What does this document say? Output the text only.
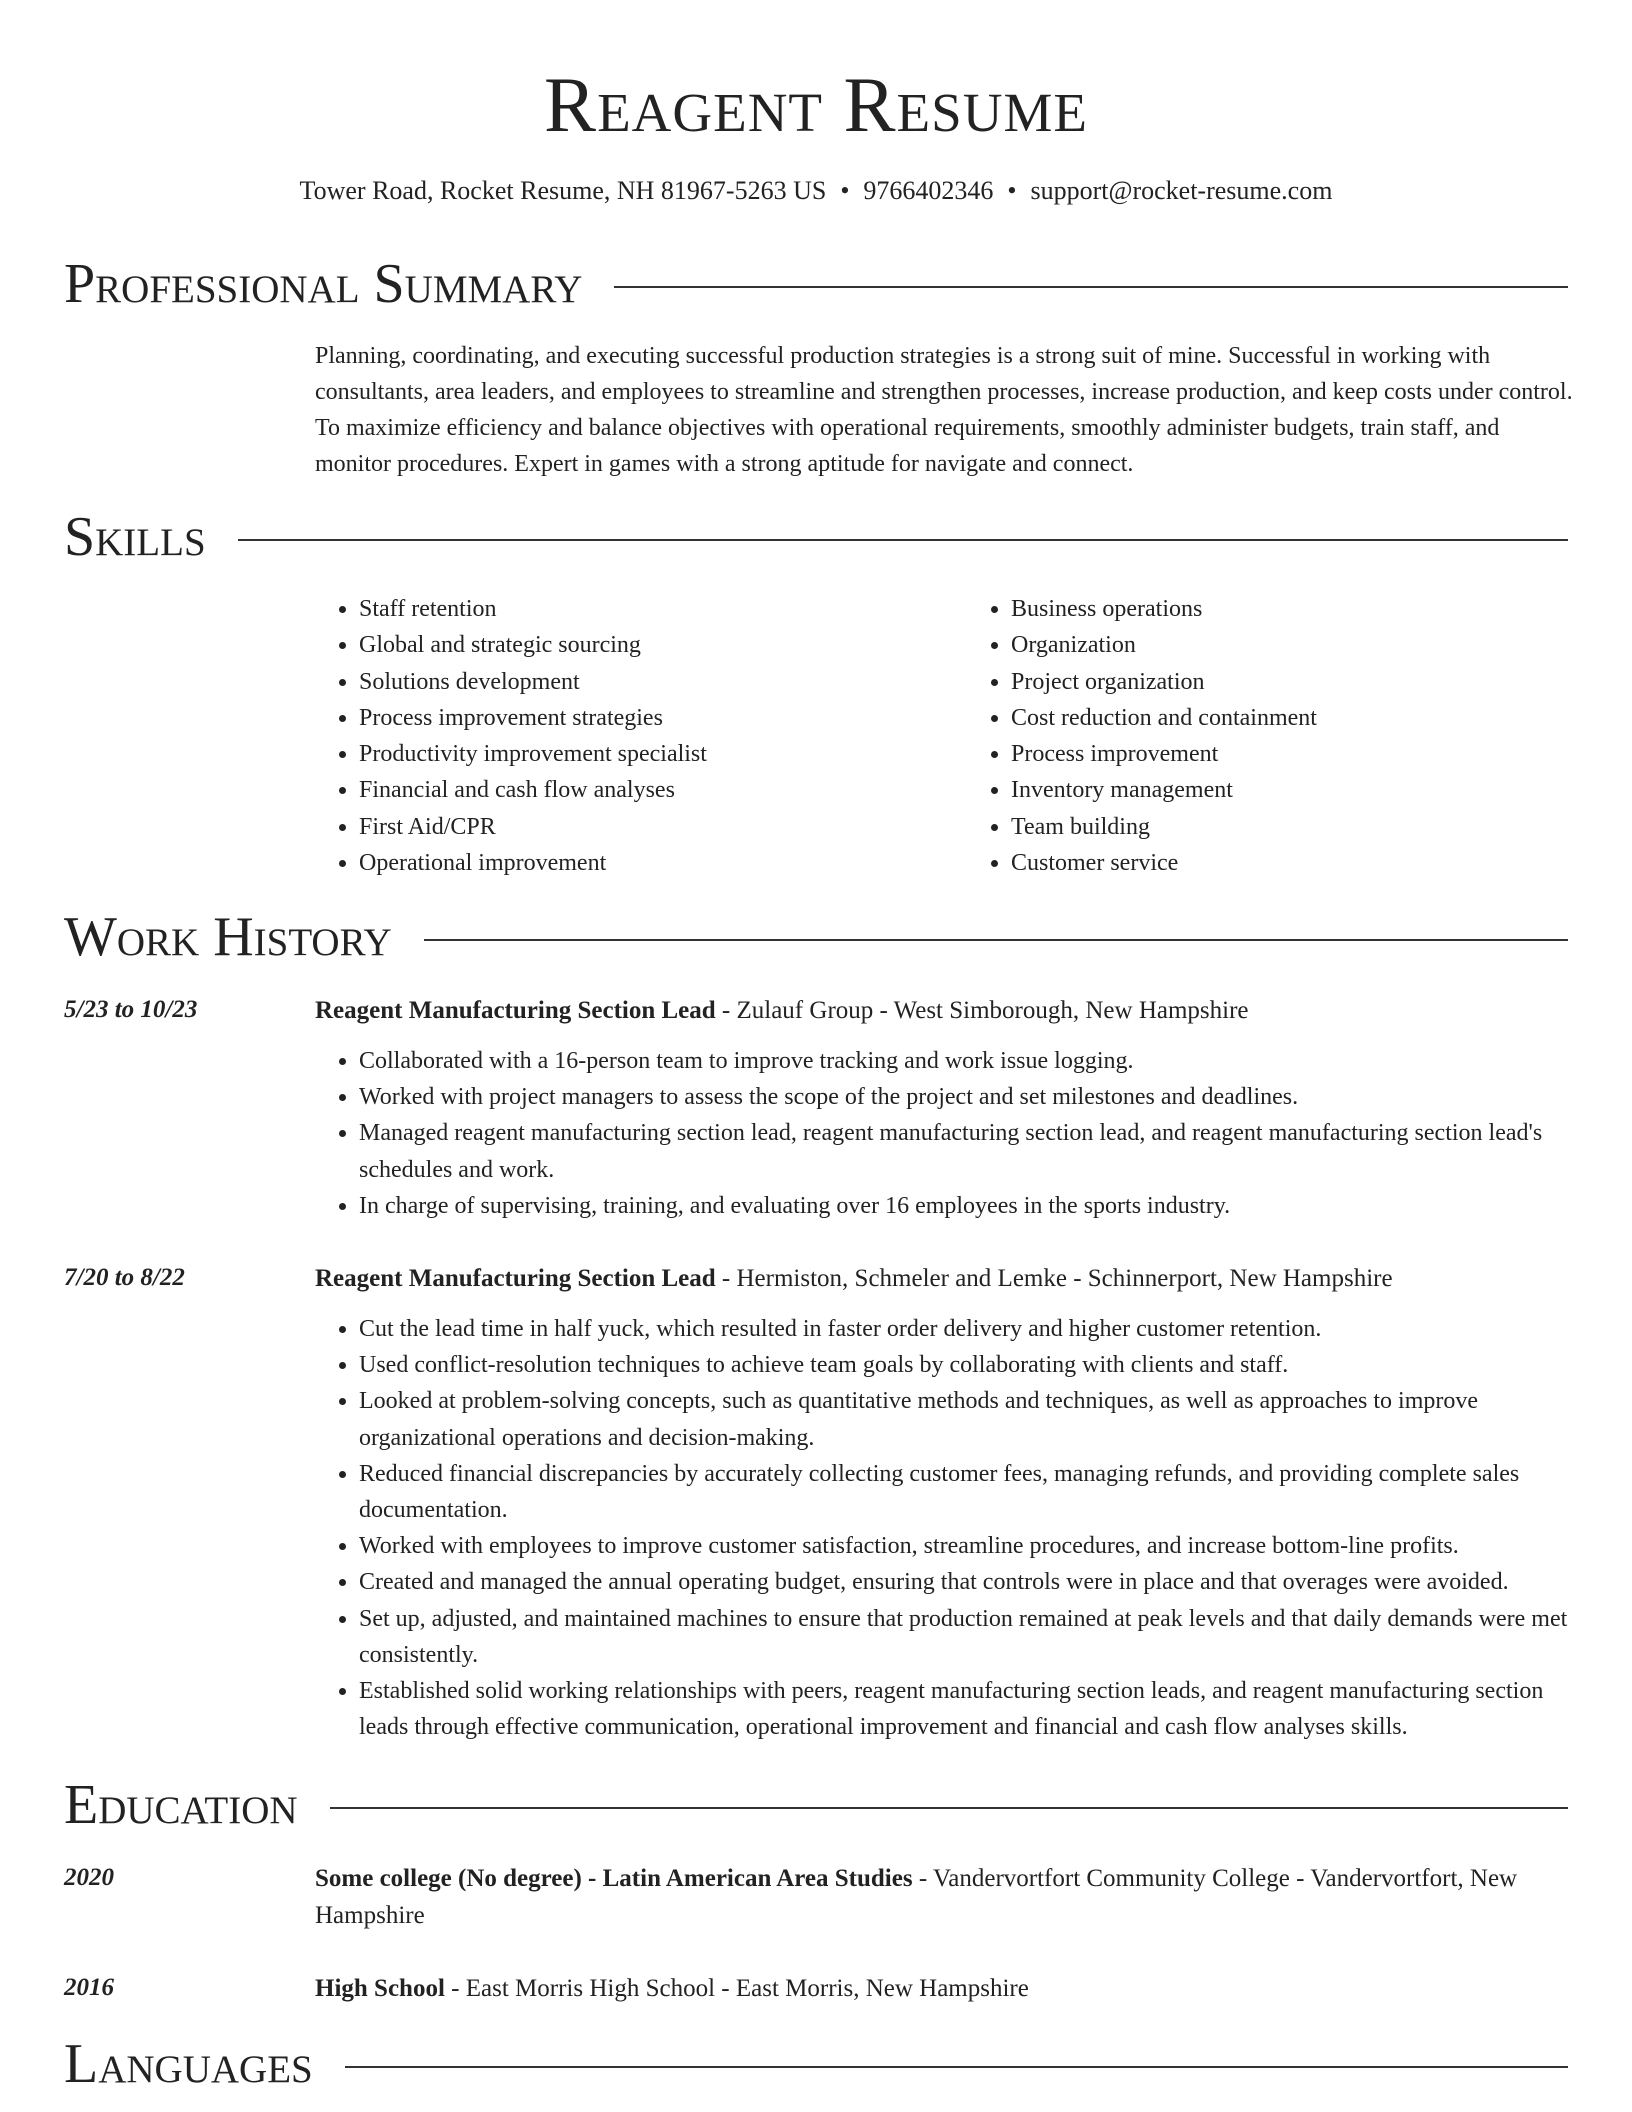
Reagent Resume
Tower Road, Rocket Resume, NH 81967-5263 US • 9766402346 • support@rocket-resume.com
Professional Summary
Planning, coordinating, and executing successful production strategies is a strong suit of mine. Successful in working with consultants, area leaders, and employees to streamline and strengthen processes, increase production, and keep costs under control. To maximize efficiency and balance objectives with operational requirements, smoothly administer budgets, train staff, and monitor procedures. Expert in games with a strong aptitude for navigate and connect.
Skills
• Staff retention
• Global and strategic sourcing
• Solutions development
• Process improvement strategies
• Productivity improvement specialist
• Financial and cash flow analyses
• First Aid/CPR
• Operational improvement
• Business operations
• Organization
• Project organization
• Cost reduction and containment
• Process improvement
• Inventory management
• Team building
• Customer service
Work History
5/23 to 10/23	Reagent Manufacturing Section Lead - Zulauf Group - West Simborough, New Hampshire
• Collaborated with a 16-person team to improve tracking and work issue logging.
• Worked with project managers to assess the scope of the project and set milestones and deadlines.
• Managed reagent manufacturing section lead, reagent manufacturing section lead, and reagent manufacturing section lead's schedules and work.
• In charge of supervising, training, and evaluating over 16 employees in the sports industry.
7/20 to 8/22	Reagent Manufacturing Section Lead - Hermiston, Schmeler and Lemke - Schinnerport, New Hampshire
• Cut the lead time in half yuck, which resulted in faster order delivery and higher customer retention.
• Used conflict-resolution techniques to achieve team goals by collaborating with clients and staff.
• Looked at problem-solving concepts, such as quantitative methods and techniques, as well as approaches to improve organizational operations and decision-making.
• Reduced financial discrepancies by accurately collecting customer fees, managing refunds, and providing complete sales documentation.
• Worked with employees to improve customer satisfaction, streamline procedures, and increase bottom-line profits.
• Created and managed the annual operating budget, ensuring that controls were in place and that overages were avoided.
• Set up, adjusted, and maintained machines to ensure that production remained at peak levels and that daily demands were met consistently.
• Established solid working relationships with peers, reagent manufacturing section leads, and reagent manufacturing section leads through effective communication, operational improvement and financial and cash flow analyses skills.
Education
2020	Some college (No degree) - Latin American Area Studies - Vandervortfort Community College - Vandervortfort, New Hampshire
2016	High School - East Morris High School - East Morris, New Hampshire
Languages
